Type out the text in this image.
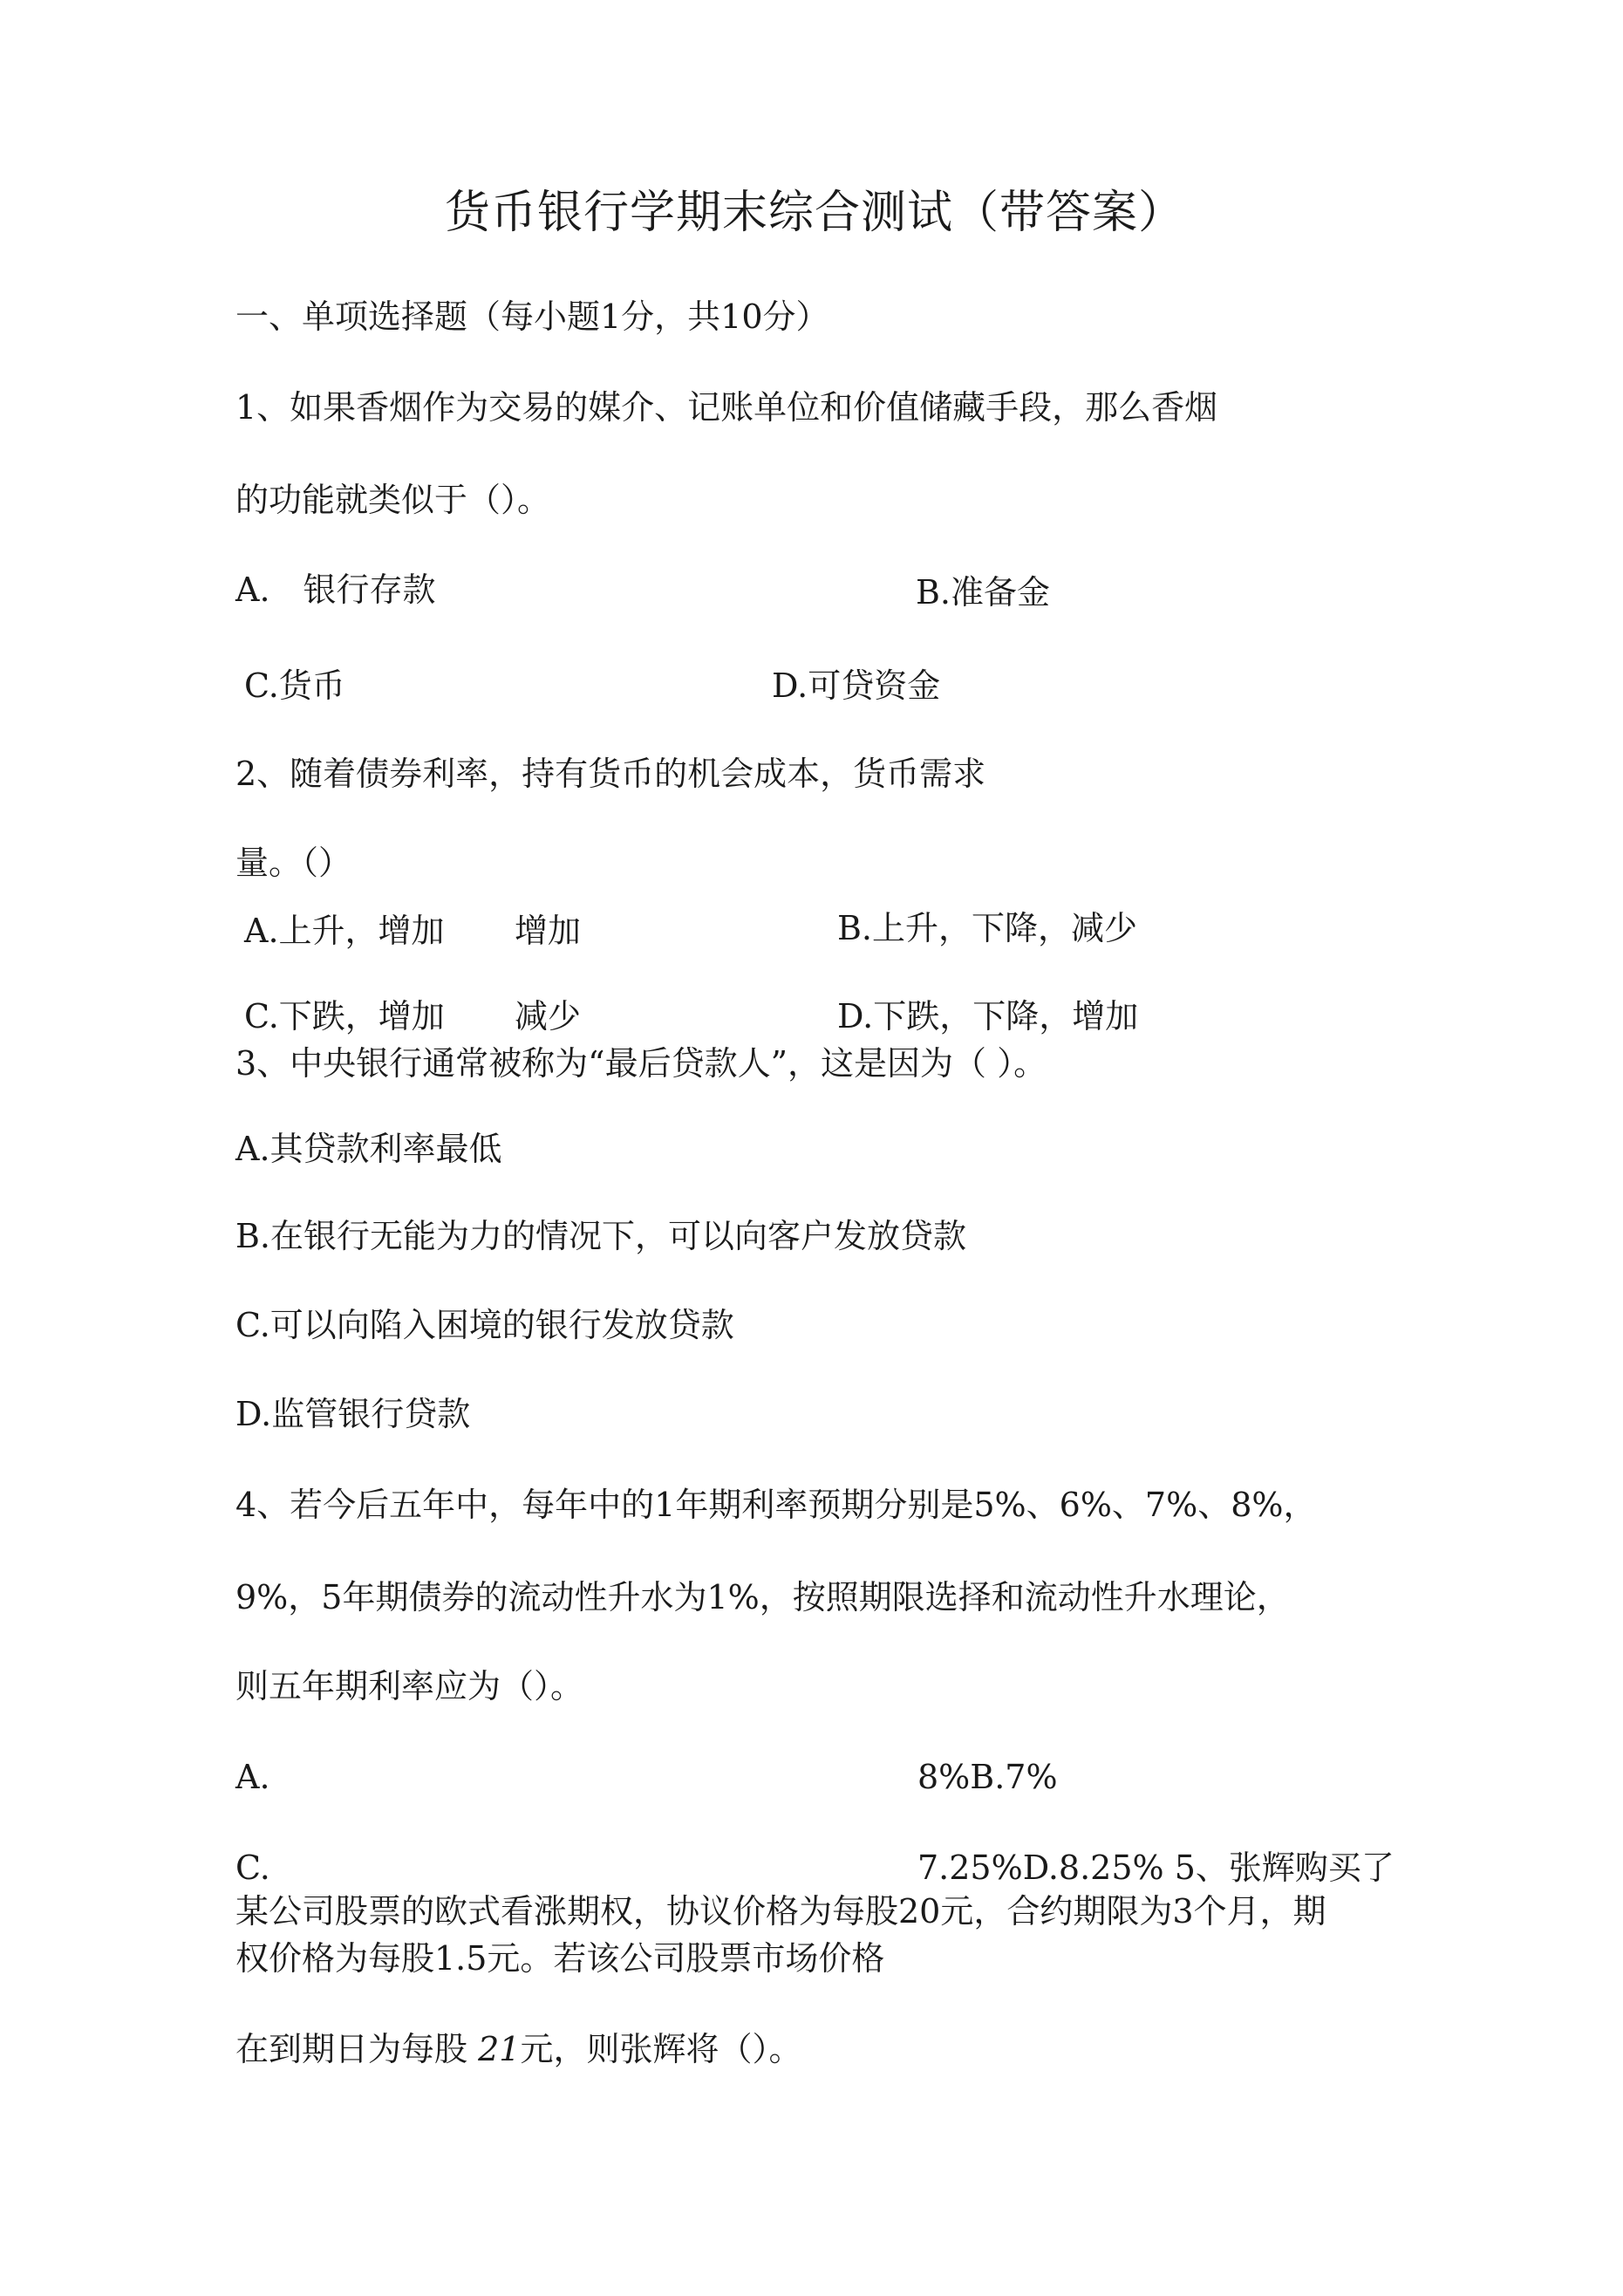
货币银行学期末综合测试（带答案）
一、单项选择题（每小题1分，共10分）
1、如果香烟作为交易的媒介、记账单位和价值储藏手段，那么香烟
的功能就类似于（）。
A.　银行存款	B.准备金
C.货币	D.可贷资金
2、随着债券利率，持有货币的机会成本，货币需求
量。（）
A.上升，增加 增加	B.上升，下降，减少
C.下跌，增加 减少	D.下跌，下降，增加
3、中央银行通常被称为“最后贷款人”，这是因为（ ）。
A.其贷款利率最低
B.在银行无能为力的情况下，可以向客户发放贷款
C.可以向陷入困境的银行发放贷款
D.监管银行贷款
4、若今后五年中，每年中的1年期利率预期分别是5%、6%、7%、8%，
9%，5年期债券的流动性升水为1%，按照期限选择和流动性升水理论，
则五年期利率应为（）。
A.	8%B.7%
C.	7.25%D.8.25% 5、张辉购买了
某公司股票的欧式看涨期权，协议价格为每股20元，合约期限为3个月，期
权价格为每股1.5元。若该公司股票市场价格
在到期日为每股 21元，则张辉将（）。
